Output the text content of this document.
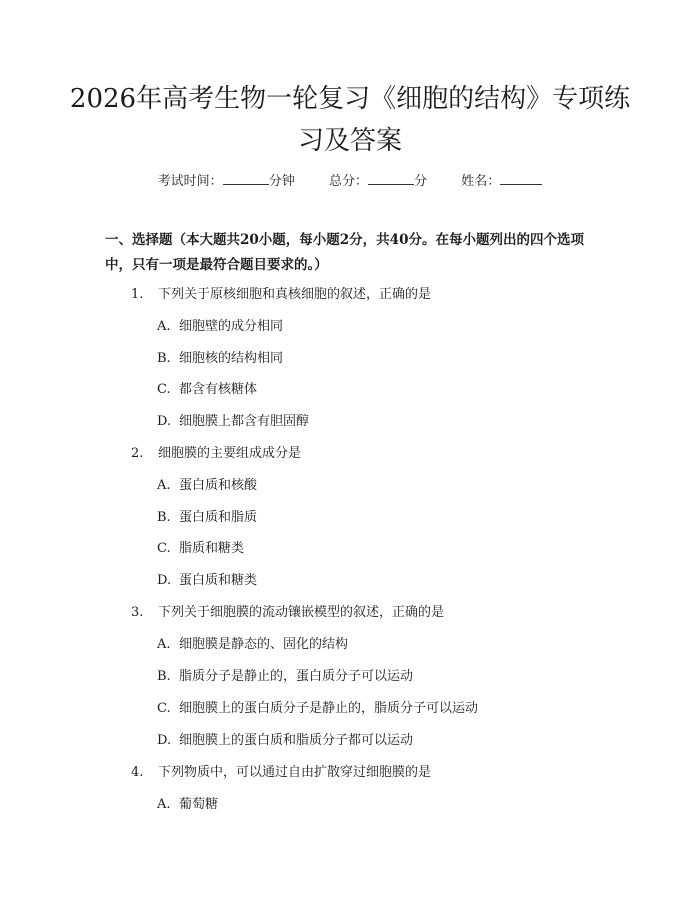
2026年高考生物一轮复习《细胞的结构》专项练习及答案
考试时间：	分钟	总分：	分	姓名：

一、选择题（本大题共20小题，每小题2分，共40分。在每小题列出的四个选项中，只有一项是最符合题目要求的。）

1. 下列关于原核细胞和真核细胞的叙述，正确的是
A. 细胞壁的成分相同
B. 细胞核的结构相同
C. 都含有核糖体
D. 细胞膜上都含有胆固醇
2. 细胞膜的主要组成成分是
A. 蛋白质和核酸
B. 蛋白质和脂质
C. 脂质和糖类
D. 蛋白质和糖类
3. 下列关于细胞膜的流动镶嵌模型的叙述，正确的是
A. 细胞膜是静态的、固化的结构
B. 脂质分子是静止的，蛋白质分子可以运动
C. 细胞膜上的蛋白质分子是静止的，脂质分子可以运动
D. 细胞膜上的蛋白质和脂质分子都可以运动
4. 下列物质中，可以通过自由扩散穿过细胞膜的是
A. 葡萄糖
